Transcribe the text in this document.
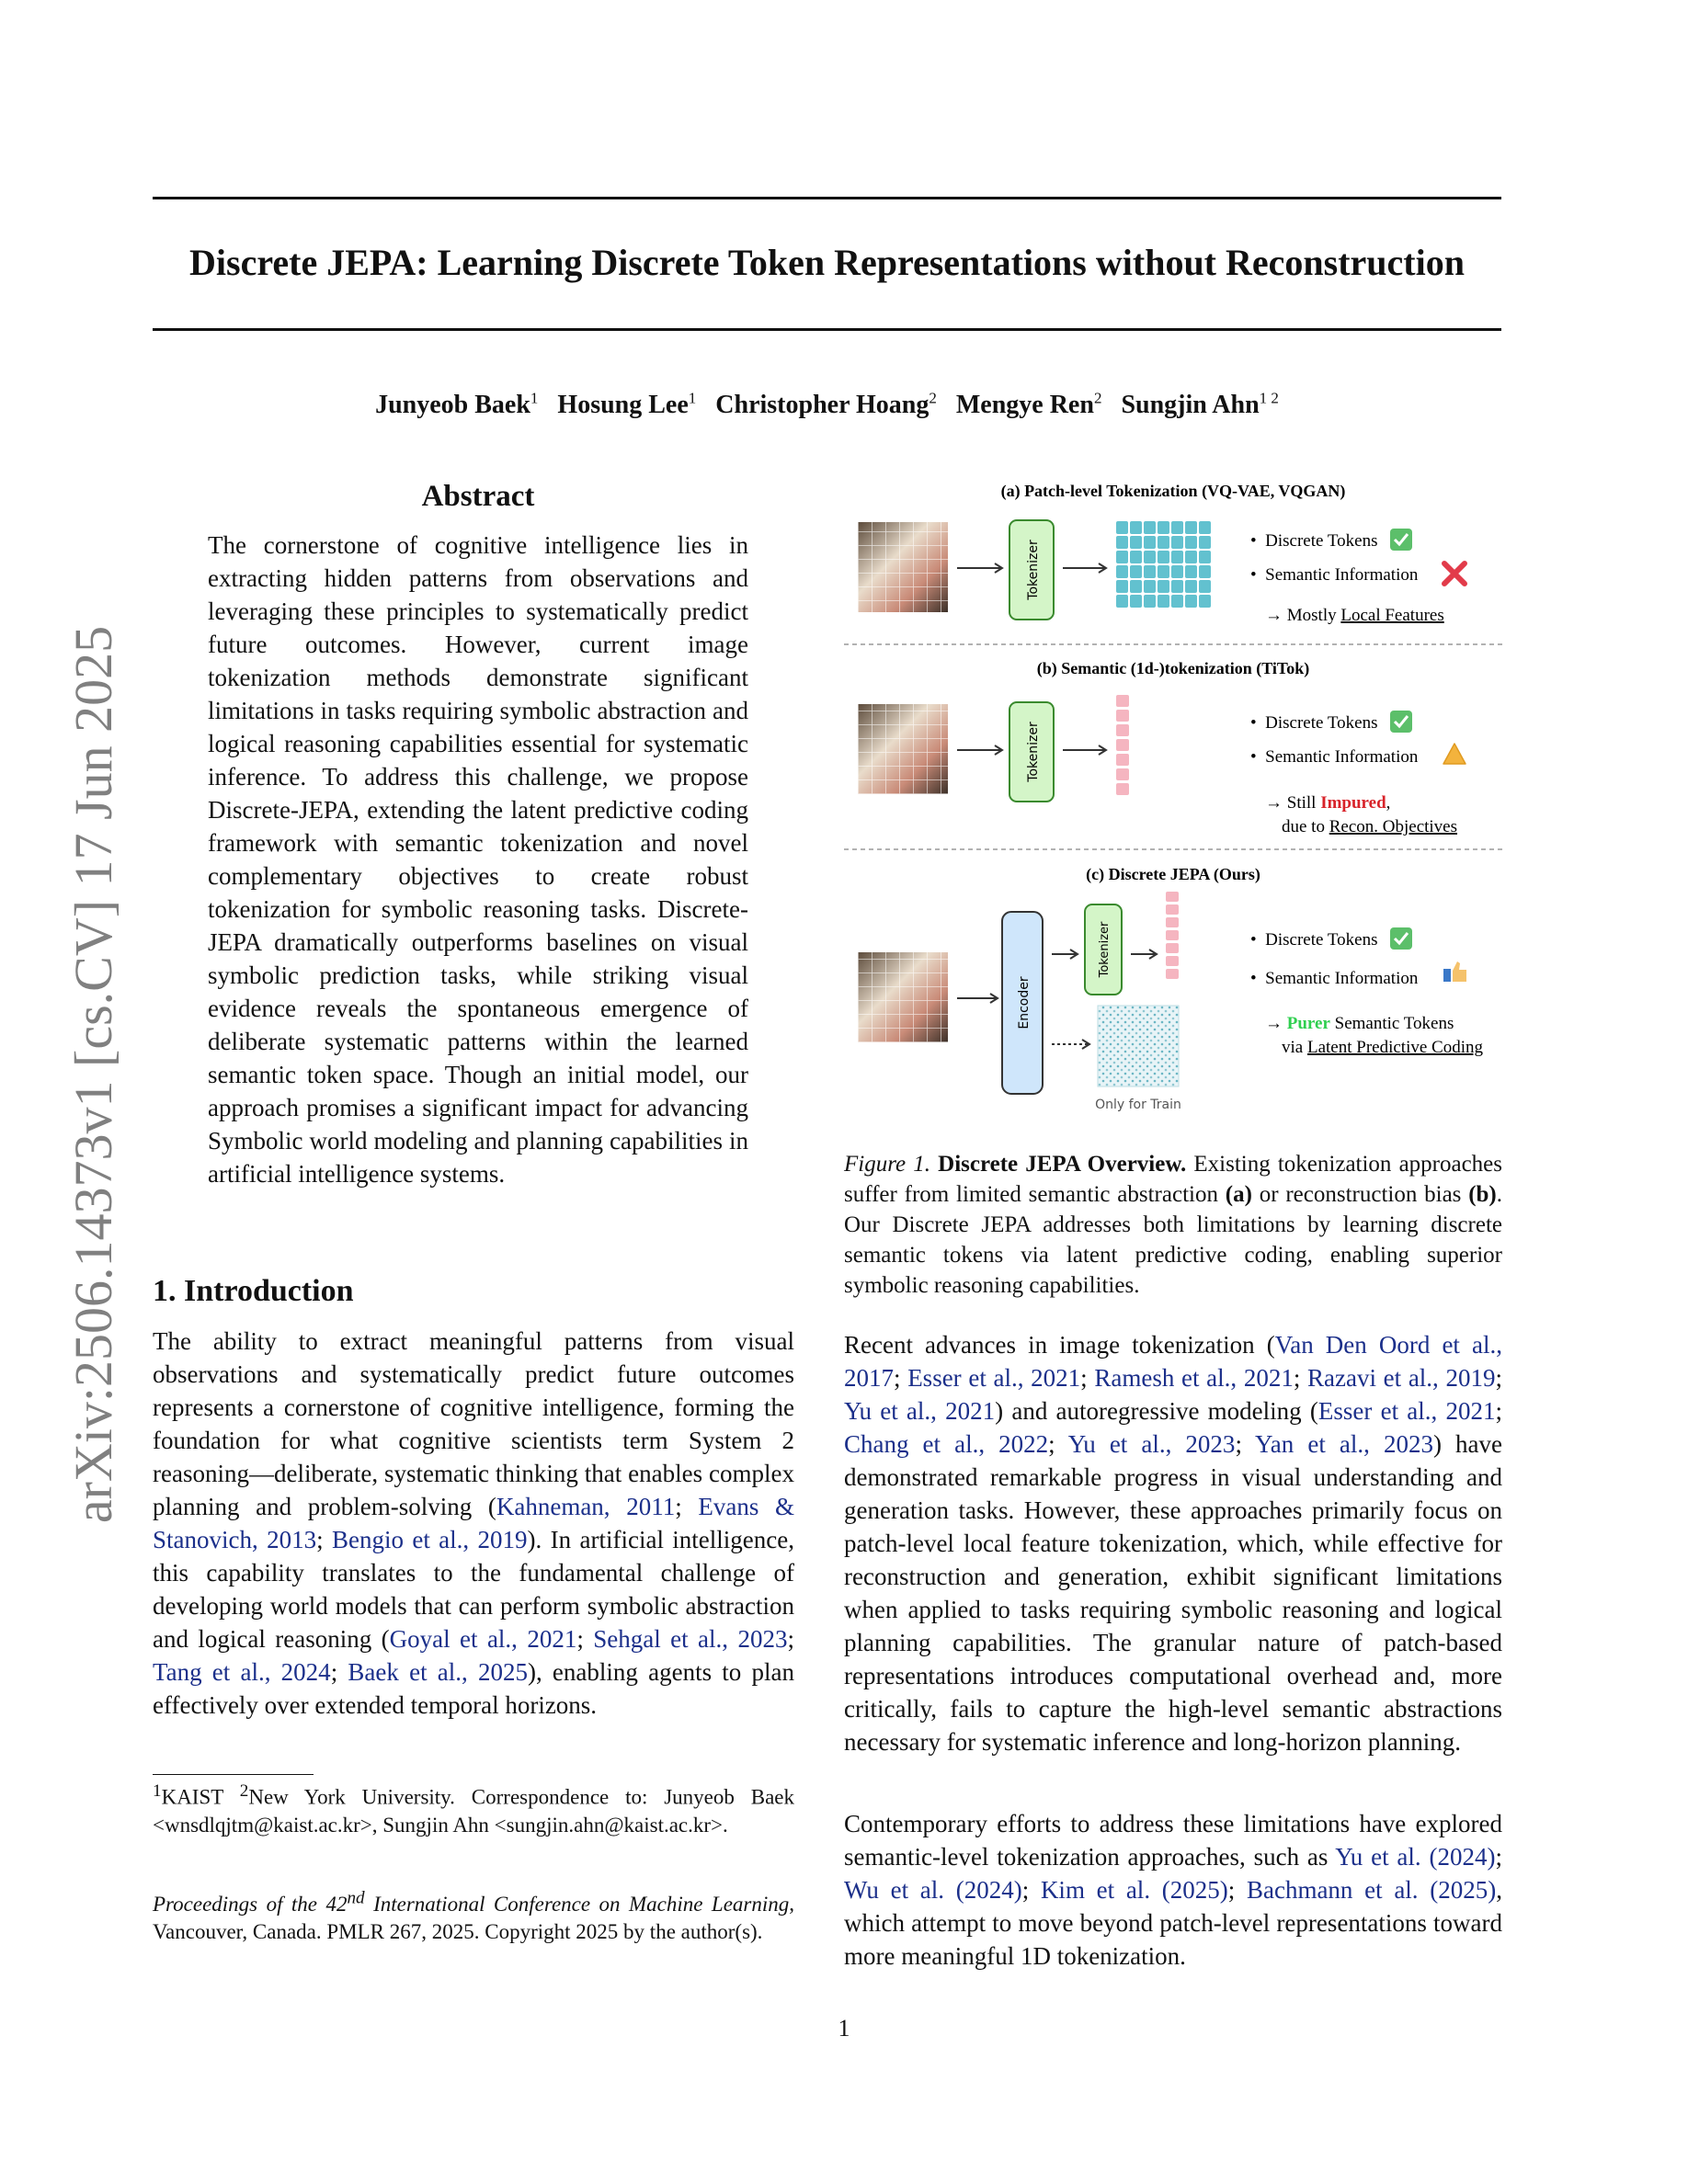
arXiv:2506.14373v1 [cs.CV] 17 Jun 2025
Discrete JEPA: Learning Discrete Token Representations without Reconstruction
Junyeob Baek$^1$ Hosung Lee$^1$ Christopher Hoang$^2$ Mengye Ren$^2$ Sungjin Ahn$^{1 2}$
Abstract
The cornerstone of cognitive intelligence lies in extracting hidden patterns from observations and leveraging these principles to systematically predict future outcomes. However, current image tokenization methods demonstrate significant limitations in tasks requiring symbolic abstraction and logical reasoning capabilities essential for systematic inference. To address this challenge, we propose Discrete-JEPA, extending the latent predictive coding framework with semantic tokenization and novel complementary objectives to create robust tokenization for symbolic reasoning tasks. Discrete-JEPA dramatically outperforms baselines on visual symbolic prediction tasks, while striking visual evidence reveals the spontaneous emergence of deliberate systematic patterns within the learned semantic token space. Though an initial model, our approach promises a significant impact for advancing Symbolic world modeling and planning capabilities in artificial intelligence systems.
1. Introduction
The ability to extract meaningful patterns from visual observations and systematically predict future outcomes represents a cornerstone of cognitive intelligence, forming the foundation for what cognitive scientists term System 2 reasoning—deliberate, systematic thinking that enables complex planning and problem-solving (Kahneman, 2011; Evans & Stanovich, 2013; Bengio et al., 2019). In artificial intelligence, this capability translates to the fundamental challenge of developing world models that can perform symbolic abstraction and logical reasoning (Goyal et al., 2021; Sehgal et al., 2023; Tang et al., 2024; Baek et al., 2025), enabling agents to plan effectively over extended temporal horizons.
$^1$KAIST $^2$New York University. Correspondence to: Junyeob Baek <wnsdlqjtm@kaist.ac.kr>, Sungjin Ahn <sungjin.ahn@kaist.ac.kr>.
Proceedings of the 42nd International Conference on Machine Learning, Vancouver, Canada. PMLR 267, 2025. Copyright 2025 by the author(s).
(a) Patch-level Tokenization (VQ-VAE, VQGAN)
Tokenizer	•  Discrete Tokens
•  Semantic Information
→ Mostly Local Features
(b) Semantic (1d-)tokenization (TiTok)
Tokenizer	•  Discrete Tokens
•  Semantic Information
→ Still Impured,
due to Recon. Objectives
(c) Discrete JEPA (Ours)
Encoder
Tokenizer
Only for Train
•  Discrete Tokens
•  Semantic Information
→ Purer Semantic Tokens
via Latent Predictive Coding
Figure 1. Discrete JEPA Overview. Existing tokenization approaches suffer from limited semantic abstraction (a) or reconstruction bias (b). Our Discrete JEPA addresses both limitations by learning discrete semantic tokens via latent predictive coding, enabling superior symbolic reasoning capabilities.
Recent advances in image tokenization (Van Den Oord et al., 2017; Esser et al., 2021; Ramesh et al., 2021; Razavi et al., 2019; Yu et al., 2021) and autoregressive modeling (Esser et al., 2021; Chang et al., 2022; Yu et al., 2023; Yan et al., 2023) have demonstrated remarkable progress in visual understanding and generation tasks. However, these approaches primarily focus on patch-level local feature tokenization, which, while effective for reconstruction and generation, exhibit significant limitations when applied to tasks requiring symbolic reasoning and logical planning capabilities. The granular nature of patch-based representations introduces computational overhead and, more critically, fails to capture the high-level semantic abstractions necessary for systematic inference and long-horizon planning.
Contemporary efforts to address these limitations have explored semantic-level tokenization approaches, such as Yu et al. (2024); Wu et al. (2024); Kim et al. (2025); Bachmann et al. (2025), which attempt to move beyond patch-level representations toward more meaningful 1D tokenization.
1
